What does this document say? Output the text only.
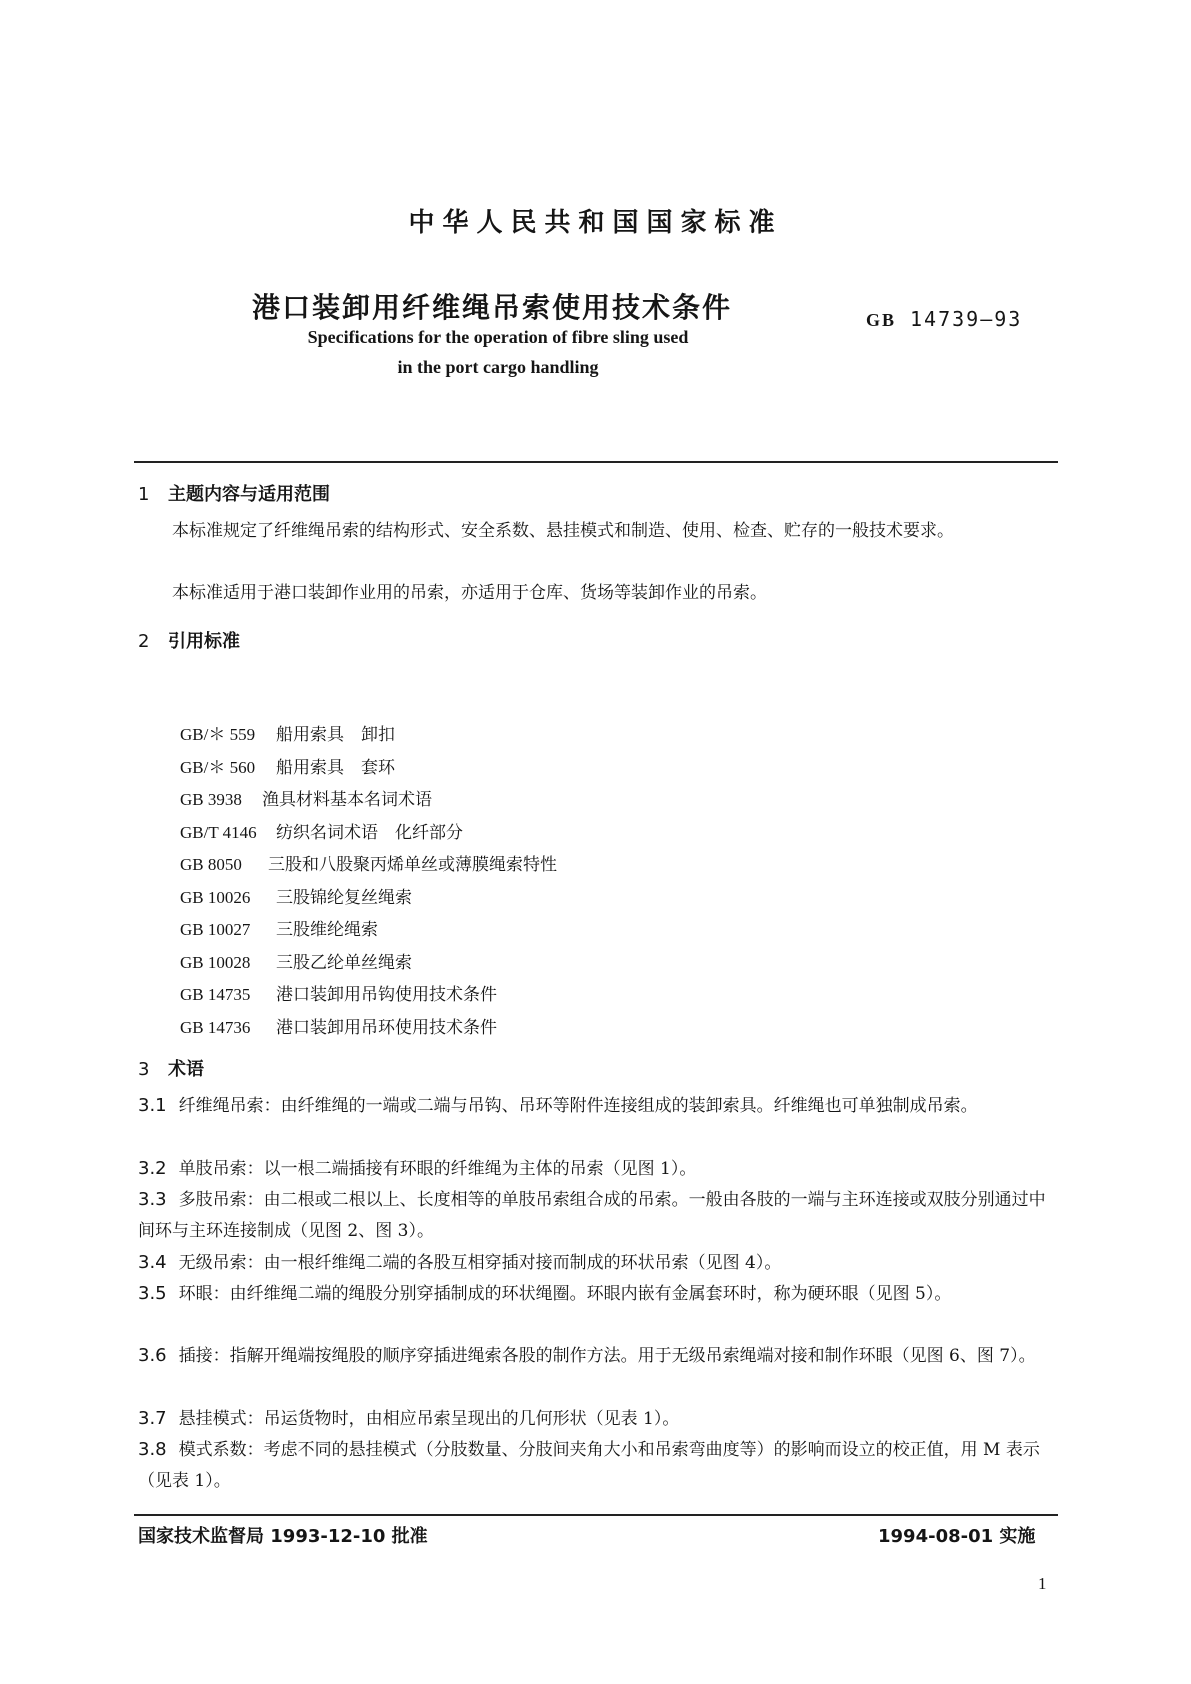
中华人民共和国国家标准
港口装卸用纤维绳吊索使用技术条件	GB 14739—93
Specifications for the operation of fibre sling used
in the port cargo handling
1 主题内容与适用范围
本标准规定了纤维绳吊索的结构形式、安全系数、悬挂模式和制造、使用、检查、贮存的一般技术要求。
本标准适用于港口装卸作业用的吊索，亦适用于仓库、货场等装卸作业的吊索。
2 引用标准
GB/＊ 559 船用索具　卸扣
GB/＊ 560 船用索具　套环
GB 3938 渔具材料基本名词术语
GB/T 4146 纺织名词术语　化纤部分
GB 8050 三股和八股聚丙烯单丝或薄膜绳索特性
GB 10026 三股锦纶复丝绳索
GB 10027 三股维纶绳索
GB 10028 三股乙纶单丝绳索
GB 14735 港口装卸用吊钩使用技术条件
GB 14736 港口装卸用吊环使用技术条件
3 术语
3.1 纤维绳吊索：由纤维绳的一端或二端与吊钩、吊环等附件连接组成的装卸索具。纤维绳也可单独制成吊索。
3.2 单肢吊索：以一根二端插接有环眼的纤维绳为主体的吊索（见图 1）。
3.3 多肢吊索：由二根或二根以上、长度相等的单肢吊索组合成的吊索。一般由各肢的一端与主环连接或双肢分别通过中间环与主环连接制成（见图 2、图 3）。
3.4 无级吊索：由一根纤维绳二端的各股互相穿插对接而制成的环状吊索（见图 4）。
3.5 环眼：由纤维绳二端的绳股分别穿插制成的环状绳圈。环眼内嵌有金属套环时，称为硬环眼（见图 5）。
3.6 插接：指解开绳端按绳股的顺序穿插进绳索各股的制作方法。用于无级吊索绳端对接和制作环眼（见图 6、图 7）。
3.7 悬挂模式：吊运货物时，由相应吊索呈现出的几何形状（见表 1）。
3.8 模式系数：考虑不同的悬挂模式（分肢数量、分肢间夹角大小和吊索弯曲度等）的影响而设立的校正值，用 M 表示（见表 1）。
国家技术监督局 1993-12-10 批准	1994-08-01 实施
1
